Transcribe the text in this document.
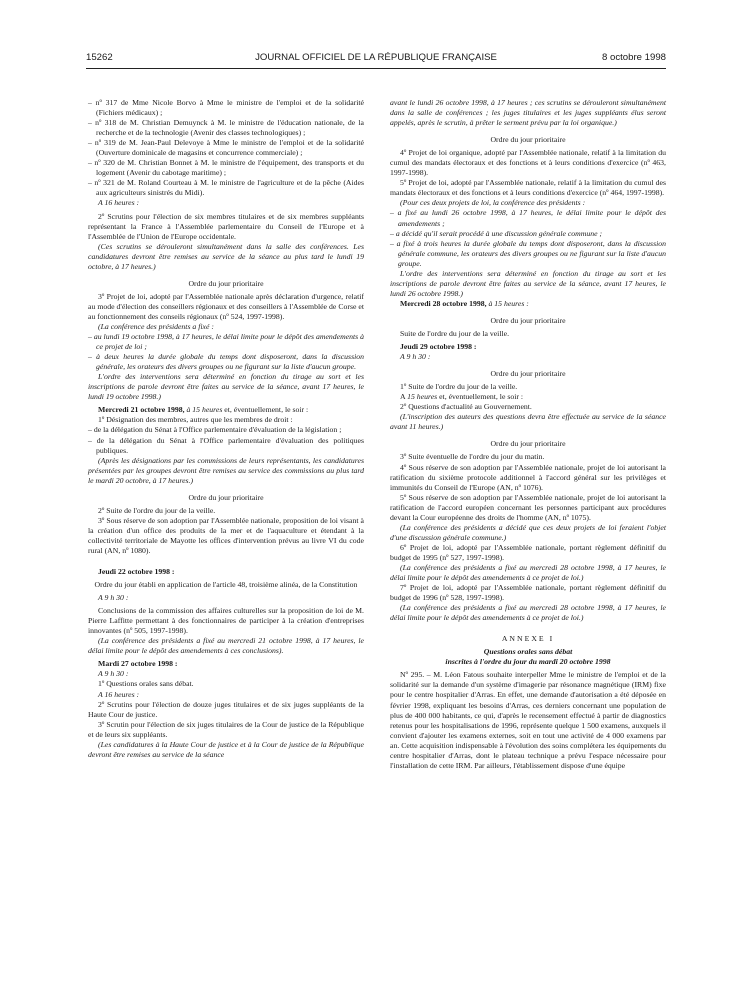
15262	JOURNAL OFFICIEL DE LA RÉPUBLIQUE FRANÇAISE	8 octobre 1998

– nº 317 de Mme Nicole Borvo à Mme le ministre de l'emploi et de la solidarité (Fichiers médicaux) ;

– nº 318 de M. Christian Demuynck à M. le ministre de l'éducation nationale, de la recherche et de la technologie (Avenir des classes technologiques) ;

– nº 319 de M. Jean-Paul Delevoye à Mme le ministre de l'emploi et de la solidarité (Ouverture dominicale de magasins et concurrence commerciale) ;

– nº 320 de M. Christian Bonnet à M. le ministre de l'équipement, des transports et du logement (Avenir du cabotage maritime) ;

– nº 321 de M. Roland Courteau à M. le ministre de l'agriculture et de la pêche (Aides aux agriculteurs sinistrés du Midi).

A 16 heures :

2º Scrutins pour l'élection de six membres titulaires et de six membres suppléants représentant la France à l'Assemblée parlementaire du Conseil de l'Europe et à l'Assemblée de l'Union de l'Europe occidentale.

(Ces scrutins se dérouleront simultanément dans la salle des conférences. Les candidatures devront être remises au service de la séance au plus tard le lundi 19 octobre, à 17 heures.)

Ordre du jour prioritaire

3º Projet de loi, adopté par l'Assemblée nationale après déclaration d'urgence, relatif au mode d'élection des conseillers régionaux et des conseillers à l'Assemblée de Corse et au fonctionnement des conseils régionaux (nº 524, 1997-1998).

(La conférence des présidents a fixé :

– au lundi 19 octobre 1998, à 17 heures, le délai limite pour le dépôt des amendements à ce projet de loi ;

– à deux heures la durée globale du temps dont disposeront, dans la discussion générale, les orateurs des divers groupes ou ne figurant sur la liste d'aucun groupe.

L'ordre des interventions sera déterminé en fonction du tirage au sort et les inscriptions de parole devront être faites au service de la séance, avant 17 heures, le lundi 19 octobre 1998.)

Mercredi 21 octobre 1998, à 15 heures et, éventuellement, le soir :

1º Désignation des membres, autres que les membres de droit :

– de la délégation du Sénat à l'Office parlementaire d'évaluation de la législation ;

– de la délégation du Sénat à l'Office parlementaire d'évaluation des politiques publiques.

(Après les désignations par les commissions de leurs représentants, les candidatures présentées par les groupes devront être remises au service des commissions au plus tard le mardi 20 octobre, à 17 heures.)

Ordre du jour prioritaire

2º Suite de l'ordre du jour de la veille.

3º Sous réserve de son adoption par l'Assemblée nationale, proposition de loi visant à la création d'un office des produits de la mer et de l'aquaculture et étendant à la collectivité territoriale de Mayotte les offices d'intervention prévus au livre VI du code rural (AN, nº 1080).

Jeudi 22 octobre 1998 :

Ordre du jour établi en application de l'article 48, troisième alinéa, de la Constitution

A 9 h 30 :

Conclusions de la commission des affaires culturelles sur la proposition de loi de M. Pierre Laffitte permettant à des fonctionnaires de participer à la création d'entreprises innovantes (nº 505, 1997-1998).

(La conférence des présidents a fixé au mercredi 21 octobre 1998, à 17 heures, le délai limite pour le dépôt des amendements à ces conclusions).

Mardi 27 octobre 1998 :

A 9 h 30 :

1º Questions orales sans débat.

A 16 heures :

2º Scrutins pour l'élection de douze juges titulaires et de six juges suppléants de la Haute Cour de justice.

3º Scrutin pour l'élection de six juges titulaires de la Cour de justice de la République et de leurs six suppléants.

(Les candidatures à la Haute Cour de justice et à la Cour de justice de la République devront être remises au service de la séance

avant le lundi 26 octobre 1998, à 17 heures ; ces scrutins se dérouleront simultanément dans la salle de conférences ; les juges titulaires et les juges suppléants élus seront appelés, après le scrutin, à prêter le serment prévu par la loi organique.)

Ordre du jour prioritaire

4º Projet de loi organique, adopté par l'Assemblée nationale, relatif à la limitation du cumul des mandats électoraux et des fonctions et à leurs conditions d'exercice (nº 463, 1997-1998).

5º Projet de loi, adopté par l'Assemblée nationale, relatif à la limitation du cumul des mandats électoraux et des fonctions et à leurs conditions d'exercice (nº 464, 1997-1998).

(Pour ces deux projets de loi, la conférence des présidents :

– a fixé au lundi 26 octobre 1998, à 17 heures, le délai limite pour le dépôt des amendements ;

– a décidé qu'il serait procédé à une discussion générale commune ;

– a fixé à trois heures la durée globale du temps dont disposeront, dans la discussion générale commune, les orateurs des divers groupes ou ne figurant sur la liste d'aucun groupe.

L'ordre des interventions sera déterminé en fonction du tirage au sort et les inscriptions de parole devront être faites au service de la séance, avant 17 heures, le lundi 26 octobre 1998.)

Mercredi 28 octobre 1998, à 15 heures :

Ordre du jour prioritaire

Suite de l'ordre du jour de la veille.

Jeudi 29 octobre 1998 :

A 9 h 30 :

Ordre du jour prioritaire

1º Suite de l'ordre du jour de la veille.

A 15 heures et, éventuellement, le soir :

2º Questions d'actualité au Gouvernement.

(L'inscription des auteurs des questions devra être effectuée au service de la séance avant 11 heures.)

Ordre du jour prioritaire

3º Suite éventuelle de l'ordre du jour du matin.

4º Sous réserve de son adoption par l'Assemblée nationale, projet de loi autorisant la ratification du sixième protocole additionnel à l'accord général sur les privilèges et immunités du Conseil de l'Europe (AN, nº 1076).

5º Sous réserve de son adoption par l'Assemblée nationale, projet de loi autorisant la ratification de l'accord européen concernant les personnes participant aux procédures devant la Cour européenne des droits de l'homme (AN, nº 1075).

(La conférence des présidents a décidé que ces deux projets de loi feraient l'objet d'une discussion générale commune.)

6º Projet de loi, adopté par l'Assemblée nationale, portant règlement définitif du budget de 1995 (nº 527, 1997-1998).

(La conférence des présidents a fixé au mercredi 28 octobre 1998, à 17 heures, le délai limite pour le dépôt des amendements à ce projet de loi.)

7º Projet de loi, adopté par l'Assemblée nationale, portant règlement définitif du budget de 1996 (nº 528, 1997-1998).

(La conférence des présidents a fixé au mercredi 28 octobre 1998, à 17 heures, le délai limite pour le dépôt des amendements à ce projet de loi.)

ANNEXE I

Questions orales sans débat

inscrites à l'ordre du jour du mardi 20 octobre 1998

Nº 295. – M. Léon Fatous souhaite interpeller Mme le ministre de l'emploi et de la solidarité sur la demande d'un système d'imagerie par résonance magnétique (IRM) fixe pour le centre hospitalier d'Arras. En effet, une demande d'autorisation a été déposée en février 1998, expliquant les besoins d'Arras, ces derniers concernant une population de plus de 400 000 habitants, ce qui, d'après le recensement effectué à partir de diagnostics retenus pour les hospitalisations de 1996, représente quelque 1 500 examens, auxquels il convient d'ajouter les examens externes, soit en tout une activité de 4 000 examens par an. Cette acquisition indispensable à l'évolution des soins complétera les équipements du centre hospitalier d'Arras, dont le plateau technique a prévu l'espace nécessaire pour l'installation de cette IRM. Par ailleurs, l'établissement dispose d'une équipe
